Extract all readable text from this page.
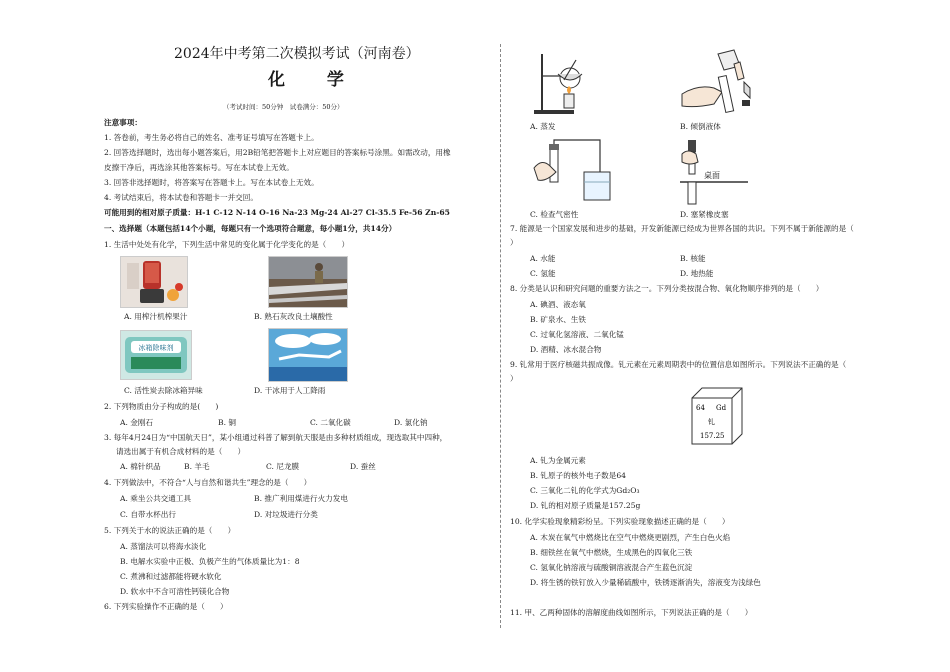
2024年中考第二次模拟考试（河南卷）
化 学
（考试时间：50分钟　试卷满分：50分）
注意事项：
1. 答卷前，考生务必将自己的姓名、准考证号填写在答题卡上。
2. 回答选择题时，选出每小题答案后，用2B铅笔把答题卡上对应题目的答案标号涂黑。如需改动，用橡
皮擦干净后，再选涂其他答案标号。写在本试卷上无效。
3. 回答非选择题时，将答案写在答题卡上。写在本试卷上无效。
4. 考试结束后，将本试卷和答题卡一并交回。
可能用到的相对原子质量：H-1 C-12 N-14 O-16 Na-23 Mg-24 Al-27 Cl-35.5 Fe-56 Zn-65
一、选择题（本题包括14个小题，每题只有一个选项符合题意，每小题1分，共14分）
1. 生活中处处有化学，下列生活中常见的变化属于化学变化的是（　　）
A. 用榨汁机榨果汁	B. 熟石灰改良土壤酸性
冰箱除味剂
C. 活性炭去除冰箱异味	D. 干冰用于人工降雨
2. 下列物质由分子构成的是(　　)
A. 金刚石	B. 铜	C. 二氧化碳	D. 氯化钠
3. 每年4月24日为“中国航天日”，某小组通过科普了解到航天服是由多种材质组成，现选取其中四种，
请选出属于有机合成材料的是（　　）
A. 棉针织品	B. 羊毛	C. 尼龙膜	D. 蚕丝
4. 下列做法中，不符合“人与自然和谐共生”理念的是（　　）
A. 乘坐公共交通工具	B. 推广利用煤进行火力发电
C. 自带水杯出行	D. 对垃圾进行分类
5. 下列关于水的说法正确的是（　　）
A. 蒸馏法可以将海水淡化
B. 电解水实验中正极、负极产生的气体质量比为1：8
C. 煮沸和过滤都能将硬水软化
D. 软水中不含可溶性钙镁化合物
6. 下列实验操作不正确的是（　　）
A. 蒸发	B. 倾倒液体
桌面
C. 检查气密性	D. 塞紧橡皮塞
7. 能源是一个国家发展和进步的基础，开发新能源已经成为世界各国的共识。下列不属于新能源的是（
）
A. 水能	B. 核能
C. 氢能	D. 地热能
8. 分类是认识和研究问题的重要方法之一。下列分类按混合物、氧化物顺序排列的是（　　）
A. 碘酒、液态氧
B. 矿泉水、生铁
C. 过氧化氢溶液、二氧化锰
D. 酒精、冰水混合物
9. 钆常用于医疗核磁共振成像。钆元素在元素周期表中的位置信息如图所示。下列说法不正确的是（
）
64 Gd
钆
157.25
A. 钆为金属元素
B. 钆原子的核外电子数是64
C. 三氧化二钆的化学式为Gd₂O₃
D. 钆的相对原子质量是157.25g
10. 化学实验现象精彩纷呈。下列实验现象描述正确的是（　　）
A. 木炭在氧气中燃烧比在空气中燃烧更剧烈，产生白色火焰
B. 细铁丝在氧气中燃烧，生成黑色的四氧化三铁
C. 氢氧化钠溶液与硫酸铜溶液混合产生蓝色沉淀
D. 将生锈的铁钉放入少量稀硫酸中，铁锈逐渐消失，溶液变为浅绿色
11. 甲、乙两种固体的溶解度曲线如图所示，下列说法正确的是（　　）
